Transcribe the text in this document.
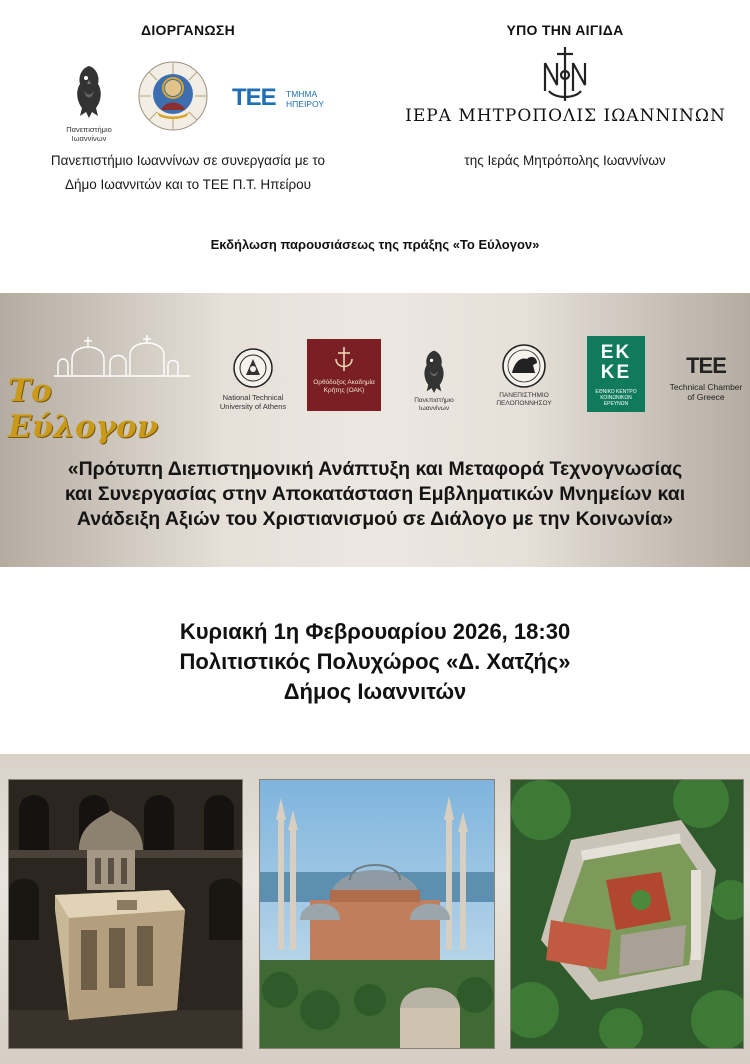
ΔΙΟΡΓΑΝΩΣΗ	ΥΠΟ ΤΗΝ ΑΙΓΙΔΑ
Πανεπιστήμιο Ιωαννίνων
ΤΕΕ ΤΜΗΜΑ ΗΠΕΙΡΟΥ
ΙΕΡΑ ΜΗΤΡΟΠΟΛΙΣ ΙΩΑΝΝΙΝΩΝ
Πανεπιστήμιο Ιωαννίνων σε συνεργασία με το
Δήμο Ιωαννιτών και το ΤΕΕ Π.Τ. Ηπείρου
της Ιεράς Μητρόπολης Ιωαννίνων
Εκδήλωση παρουσιάσεως της πράξης «Το Εύλογον»
Το Εύλογον
National Technical University of Athens
Ορθόδοξος Ακαδημία Κρήτης (ΟΑΚ)
Πανεπιστήμιο Ιωαννίνων
ΠΑΝΕΠΙΣΤΗΜΙΟ ΠΕΛΟΠΟΝΝΗΣΟΥ
ΕΚ
ΚΕ
ΕΘΝΙΚΟ ΚΕΝΤΡΟ ΚΟΙΝΩΝΙΚΩΝ ΕΡΕΥΝΩΝ
ΤΕΕ
Technical Chamber of Greece
«Πρότυπη Διεπιστημονική Ανάπτυξη και Μεταφορά Τεχνογνωσίας
και Συνεργασίας στην Αποκατάσταση Εμβληματικών Μνημείων και
Ανάδειξη Αξιών του Χριστιανισμού σε Διάλογο με την Κοινωνία»
Κυριακή 1η Φεβρουαρίου 2026, 18:30
Πολιτιστικός Πολυχώρος «Δ. Χατζής»
Δήμος Ιωαννιτών
